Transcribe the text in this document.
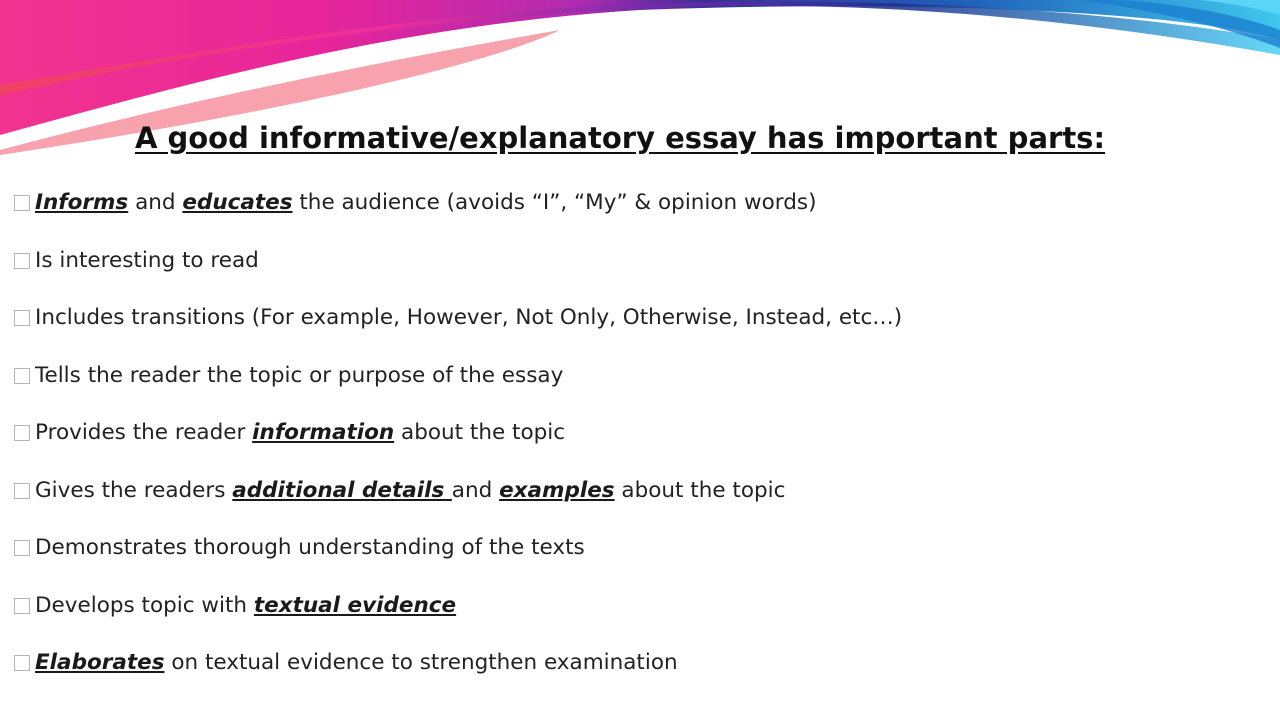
A good informative/explanatory essay has important parts:
Informs and educates the audience (avoids “I”, “My” & opinion words)
Is interesting to read
Includes transitions (For example, However, Not Only, Otherwise, Instead, etc…)
Tells the reader the topic or purpose of the essay
Provides the reader information about the topic
Gives the readers additional details and examples about the topic
Demonstrates thorough understanding of the texts
Develops topic with textual evidence
Elaborates on textual evidence to strengthen examination
